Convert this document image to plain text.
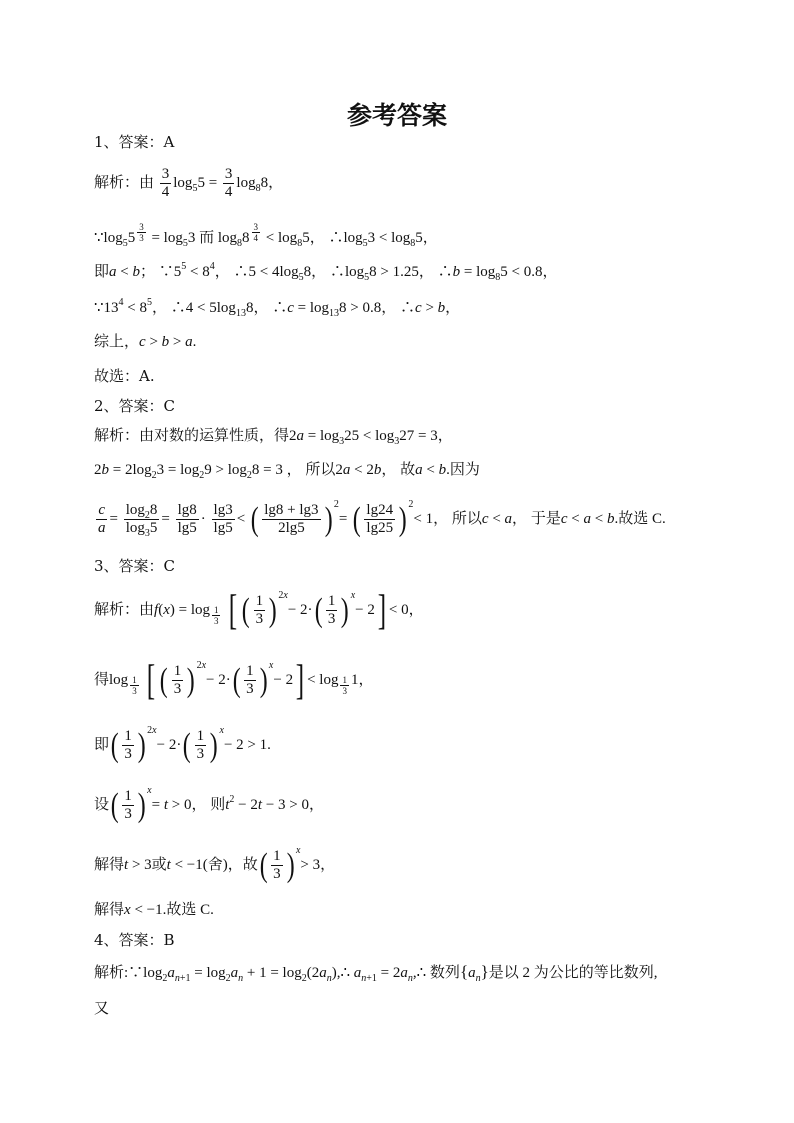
参考答案
1、答案：A
解析：由 $\frac{3}{4} \log_55 = \frac{3}{4} \log_88$，
$\because\log_55$ $^{\frac{3}{3}} = \log_53$ 而 $\log_88$ $^{\frac{3}{4}} < \log_85$， $\therefore\log_53 < \log_85$，
即a < b； $\because 5^5 < 8^4$， ∴5 < $4\log_58$， $\therefore\log_58 > 1.25$， ∴b = $\log_85 < 0.8$，
$\because 13^4 < 8^5$， ∴4 < $5\log_{13}8$， ∴c = $\log_{13}8 > 0.8$， ∴c > b，
综上，c > b > a.
故选：A.
2、答案：C
解析：由对数的运算性质，得$2a = \log_325 < \log_327 = 3$，
$2b = 2\log_23 = \log_29 > \log_28 = 3$ ， 所以2a < 2b， 故a < b.因为
$\frac{c}{a} = \frac{\log_28}{\log_35} = \frac{\lg 8}{\lg 5} \cdot \frac{\lg 3}{\lg 5}$ < ( $\frac{\lg 8 + \lg 3}{2\lg 5}$ ) $^2$= ( $\frac{\lg 24}{\lg 25}$ ) $^2$< 1， 所以c < a， 于是c < a < b.故选 C.
3、答案：C
解析：由f(x) = log $_{\frac{1}{3}}$ [ ( $\frac{1}{3}$ ) $^{2x}- 2\cdot( \frac{1}{3}$ ) $^x$− 2] < 0，
得log $_{\frac{1}{3}}$ [ ( $\frac{1}{3}$ ) $^{2x}- 2\cdot( \frac{1}{3}$ ) $^x$− 2] < log $_{\frac{1}{3}}$ 1，
即( $\frac{1}{3}$ ) $^{2x}- 2\cdot( \frac{1}{3}$ ) $^x$− 2 > 1.
设( $\frac{1}{3}$ ) $^x$= t > 0， 则$t^2 - 2t - 3 > 0$，
解得t > 3或t < −1(舍)，故( $\frac{1}{3}$ ) $^x$> 3，
解得x < −1.故选 C.
4、答案：B
解析$:\because\log_2a_{n+1} = \log_2a_n + 1$ = $\log_2(2a_n),\therefore$ $a_{n+1}$ = $2a_n,\therefore$ 数列$\{a_n\}$是以 2 为公比的等比数列,
又
